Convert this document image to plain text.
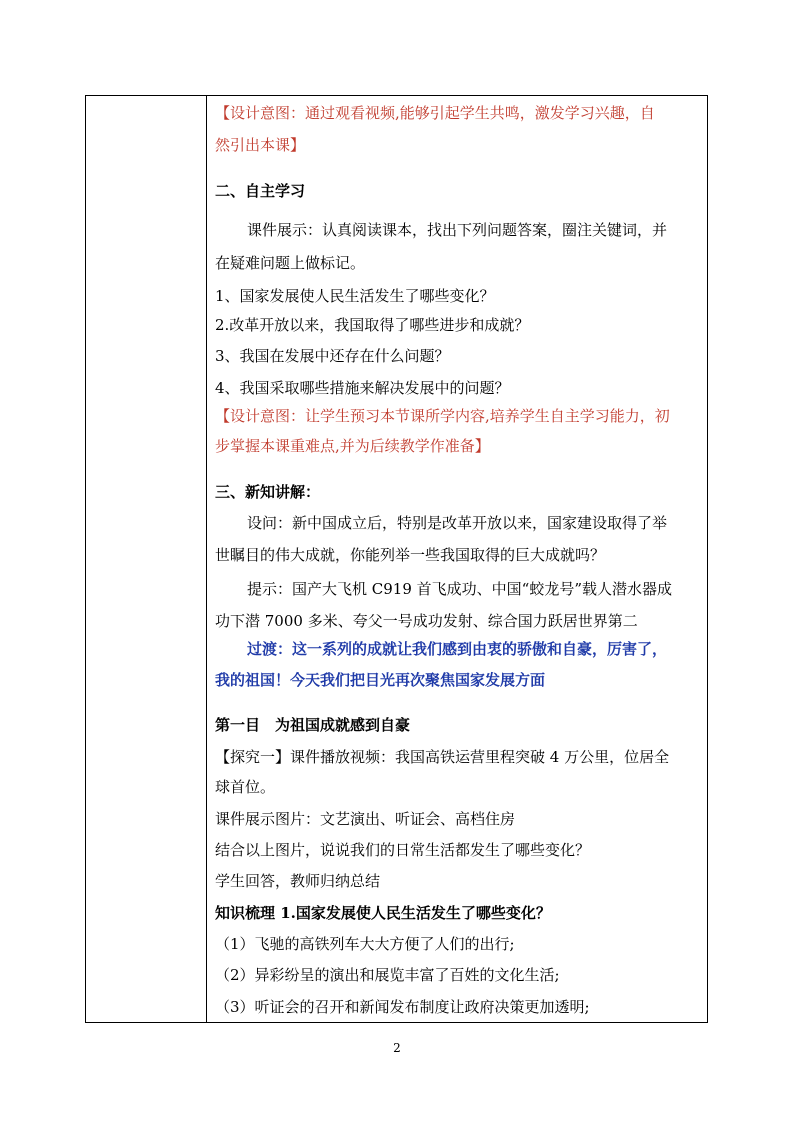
【设计意图：通过观看视频,能够引起学生共鸣，激发学习兴趣，自
然引出本课】
二、自主学习
课件展示：认真阅读课本，找出下列问题答案，圈注关键词，并
在疑难问题上做标记。
1、国家发展使人民生活发生了哪些变化？
2.改革开放以来，我国取得了哪些进步和成就？
3、我国在发展中还存在什么问题？
4、我国采取哪些措施来解决发展中的问题？
【设计意图：让学生预习本节课所学内容,培养学生自主学习能力，初
步掌握本课重难点,并为后续教学作准备】
三、新知讲解：
设问：新中国成立后，特别是改革开放以来，国家建设取得了举
世瞩目的伟大成就，你能列举一些我国取得的巨大成就吗？
提示：国产大飞机 C919 首飞成功、中国“蛟龙号”载人潜水器成
功下潜 7000 多米、夸父一号成功发射、综合国力跃居世界第二
过渡：这一系列的成就让我们感到由衷的骄傲和自豪，厉害了，
我的祖国！今天我们把目光再次聚焦国家发展方面
第一目　为祖国成就感到自豪
【探究一】课件播放视频：我国高铁运营里程突破 4 万公里，位居全
球首位。
课件展示图片：文艺演出、听证会、高档住房
结合以上图片，说说我们的日常生活都发生了哪些变化？
学生回答，教师归纳总结
知识梳理 1.国家发展使人民生活发生了哪些变化？
（1）飞驰的高铁列车大大方便了人们的出行;
（2）异彩纷呈的演出和展览丰富了百姓的文化生活;
（3）听证会的召开和新闻发布制度让政府决策更加透明;
2
